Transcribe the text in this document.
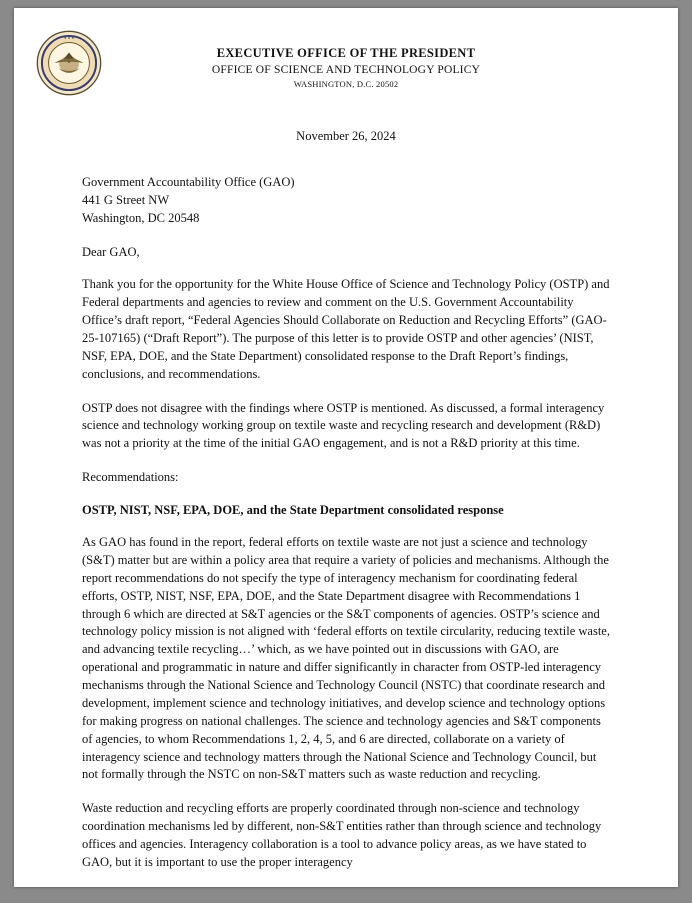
★ ★ ★
EXECUTIVE OFFICE OF THE PRESIDENT
OFFICE OF SCIENCE AND TECHNOLOGY POLICY
WASHINGTON, D.C. 20502
November 26, 2024
Government Accountability Office (GAO)
441 G Street NW
Washington, DC 20548
Dear GAO,

Thank you for the opportunity for the White House Office of Science and Technology Policy (OSTP) and Federal departments and agencies to review and comment on the U.S. Government Accountability Office’s draft report, “Federal Agencies Should Collaborate on Reduction and Recycling Efforts” (GAO-25-107165) (“Draft Report”). The purpose of this letter is to provide OSTP and other agencies’ (NIST, NSF, EPA, DOE, and the State Department) consolidated response to the Draft Report’s findings, conclusions, and recommendations.

OSTP does not disagree with the findings where OSTP is mentioned. As discussed, a formal interagency science and technology working group on textile waste and recycling research and development (R&D) was not a priority at the time of the initial GAO engagement, and is not a R&D priority at this time.

Recommendations:

OSTP, NIST, NSF, EPA, DOE, and the State Department consolidated response

As GAO has found in the report, federal efforts on textile waste are not just a science and technology (S&T) matter but are within a policy area that require a variety of policies and mechanisms. Although the report recommendations do not specify the type of interagency mechanism for coordinating federal efforts, OSTP, NIST, NSF, EPA, DOE, and the State Department disagree with Recommendations 1 through 6 which are directed at S&T agencies or the S&T components of agencies. OSTP’s science and technology policy mission is not aligned with ‘federal efforts on textile circularity, reducing textile waste, and advancing textile recycling…’ which, as we have pointed out in discussions with GAO, are operational and programmatic in nature and differ significantly in character from OSTP-led interagency mechanisms through the National Science and Technology Council (NSTC) that coordinate research and development, implement science and technology initiatives, and develop science and technology options for making progress on national challenges. The science and technology agencies and S&T components of agencies, to whom Recommendations 1, 2, 4, 5, and 6 are directed, collaborate on a variety of interagency science and technology matters through the National Science and Technology Council, but not formally through the NSTC on non-S&T matters such as waste reduction and recycling.

Waste reduction and recycling efforts are properly coordinated through non-science and technology coordination mechanisms led by different, non-S&T entities rather than through science and technology offices and agencies. Interagency collaboration is a tool to advance policy areas, as we have stated to GAO, but it is important to use the proper interagency
